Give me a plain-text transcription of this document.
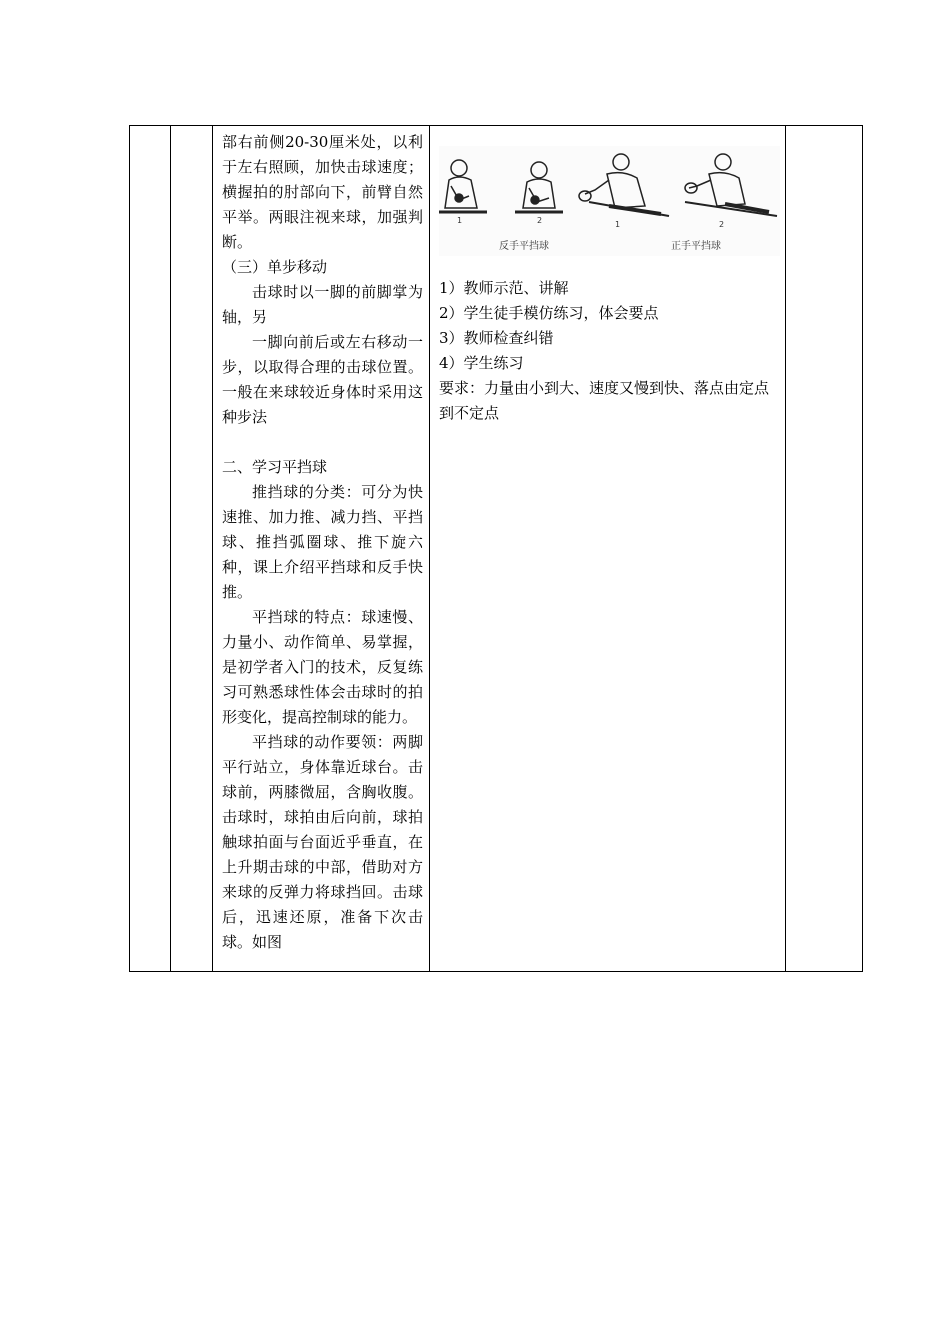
部右前侧20-30厘米处，以利于左右照顾，加快击球速度；横握拍的肘部向下，前臂自然平举。两眼注视来球，加强判断。

（三）单步移动

击球时以一脚的前脚掌为轴，另

一脚向前后或左右移动一步，以取得合理的击球位置。一般在来球较近身体时采用这种步法

二、学习平挡球

推挡球的分类：可分为快速推、加力推、减力挡、平挡球、推挡弧圈球、推下旋六种，课上介绍平挡球和反手快推。

平挡球的特点：球速慢、力量小、动作简单、易掌握，是初学者入门的技术，反复练习可熟悉球性体会击球时的拍形变化，提高控制球的能力。

平挡球的动作要领：两脚平行站立，身体靠近球台。击球前，两膝微屈，含胸收腹。击球时，球拍由后向前，球拍触球拍面与台面近乎垂直，在上升期击球的中部，借助对方来球的反弹力将球挡回。击球后，迅速还原，准备下次击球。如图

1	2	1	2
反手平挡球	正手平挡球

1）教师示范、讲解

2）学生徒手模仿练习，体会要点

3）教师检查纠错

4）学生练习

要求：力量由小到大、速度又慢到快、落点由定点到不定点
